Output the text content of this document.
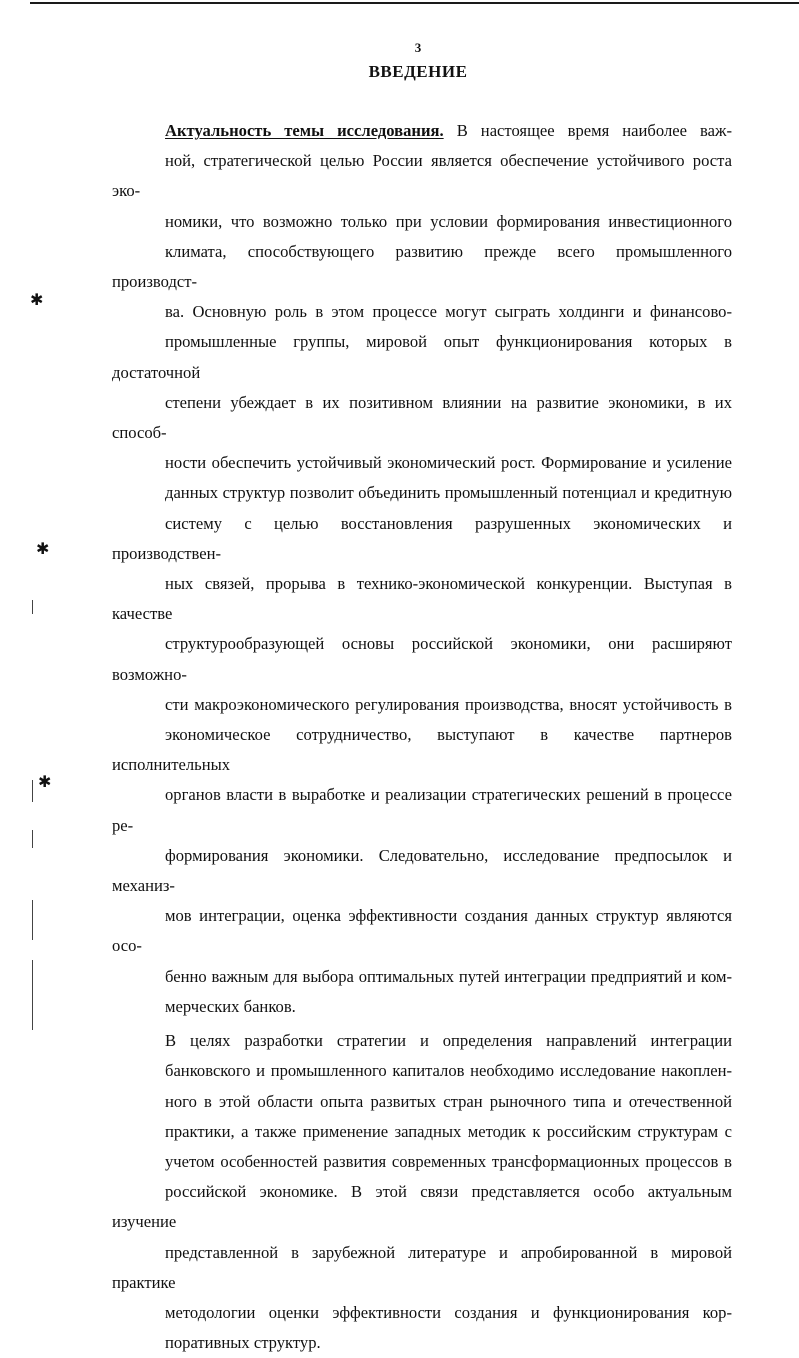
3
ВВЕДЕНИЕ
✱
✱
✱

Актуальность темы исследования. В настоящее время наиболее важ-
ной, стратегической целью России является обеспечение устойчивого роста эко-
номики, что возможно только при условии формирования инвестиционного
климата, способствующего развитию прежде всего промышленного производст-
ва. Основную роль в этом процессе могут сыграть холдинги и финансово-
промышленные группы, мировой опыт функционирования которых в достаточной
степени убеждает в их позитивном влиянии на развитие экономики, в их способ-
ности обеспечить устойчивый экономический рост. Формирование и усиление
данных структур позволит объединить промышленный потенциал и кредитную
систему с целью восстановления разрушенных экономических и производствен-
ных связей, прорыва в технико-экономической конкуренции. Выступая в качестве
структурообразующей основы российской экономики, они расширяют возможно-
сти макроэкономического регулирования производства, вносят устойчивость в
экономическое сотрудничество, выступают в качестве партнеров исполнительных
органов власти в выработке и реализации стратегических решений в процессе ре-
формирования экономики. Следовательно, исследование предпосылок и механиз-
мов интеграции, оценка эффективности создания данных структур являются осо-
бенно важным для выбора оптимальных путей интеграции предприятий и ком-
мерческих банков.

В целях разработки стратегии и определения направлений интеграции
банковского и промышленного капиталов необходимо исследование накоплен-
ного в этой области опыта развитых стран рыночного типа и отечественной
практики, а также применение западных методик к российским структурам с
учетом особенностей развития современных трансформационных процессов в
российской экономике. В этой связи представляется особо актуальным изучение
представленной в зарубежной литературе и апробированной в мировой практике
методологии оценки эффективности создания и функционирования кор-
поративных структур.
